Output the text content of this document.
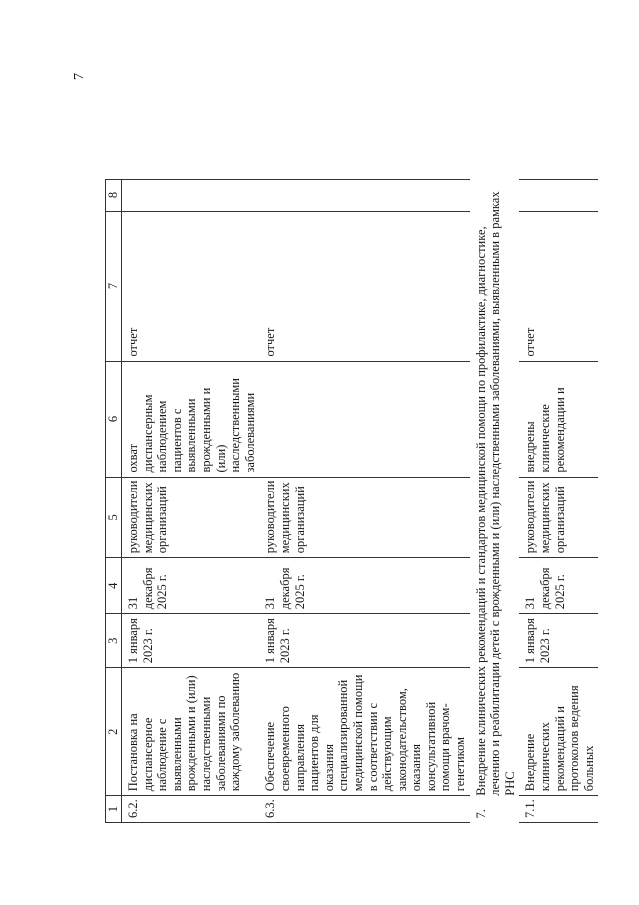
7
1	2	3	4	5	6	7	8
6.2.	Постановка на диспансерное наблюдение с выявленными врожденными и (или) наследственными заболеваниями по каждому заболеванию	1 января 2023 г.	31 декабря 2025 г.	руководители медицинских организаций	охват диспансерным наблюдением пациентов с выявленными врожденными и (или) наследственными заболеваниями	отчет	
6.3.	Обеспечение своевременного направления пациентов для оказания специализированной медицинской помощи в соответствии с действующим законодательством, оказания консультативной помощи врачом-генетиком	1 января 2023 г.	31 декабря 2025 г.	руководители медицинских организаций		отчет	
7.	Внедрение клинических рекомендаций и стандартов медицинской помощи по профилактике, диагностике, лечению и реабилитации детей с врожденными и (или) наследственными заболеваниями, выявленными в рамках РНС						
7.1.	Внедрение клинических рекомендаций и протоколов ведения больных	1 января 2023 г.	31 декабря 2025 г.	руководители медицинских организаций	внедрены клинические рекомендации и	отчет	
